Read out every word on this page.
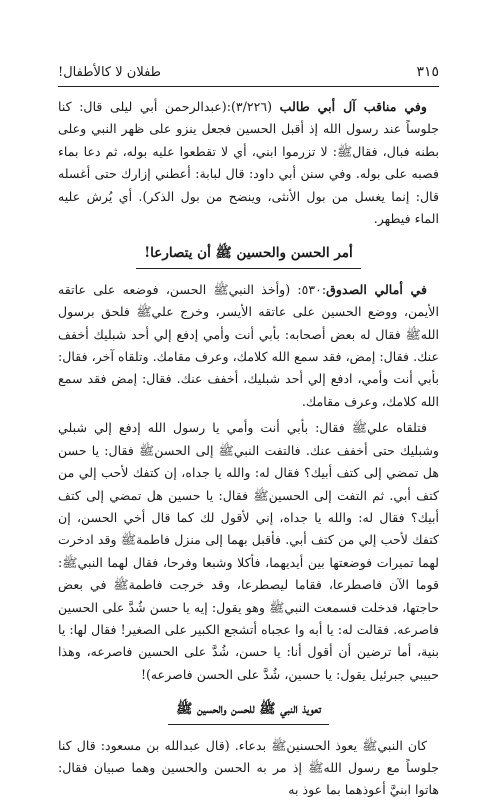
٣١٥
طفلان لا كالأطفال!

وفي مناقب آل أبي طالب (٣/٢٢٦):(عبدالرحمن أبي ليلى قال: كنا جلوساً عند رسول الله إذ أقبل الحسين فجعل ينزو على ظهر النبي وعلى بطنه فبال، فقالﷺ: لا تزرموا ابني، أي لا تقطعوا عليه بوله، ثم دعا بماء فصبه على بوله. وفي سنن أبي داود: قال لبابة: أعطني إزارك حتى أغسله قال: إنما يغسل من بول الأنثى، وينضح من بول الذكر). أي يُرش عليه الماء فيطهر.

أمر الحسن والحسين ﷺ أن يتصارعا!

في أمالي الصدوق:٥٣٠: (وأخذ النبيﷺ الحسن، فوضعه على عاتقه الأيمن، ووضع الحسين على عاتقه الأيسر، وخرج عليﷺ فلحق برسول اللهﷺ فقال له بعض أصحابه: بأبي أنت وأمي إدفع إلي أحد شبليك أخفف عنك. فقال: إمض، فقد سمع الله كلامك، وعرف مقامك. وتلقاه آخر، فقال: بأبي أنت وأمي، ادفع إلي أحد شبليك، أخفف عنك. فقال: إمض فقد سمع الله كلامك، وعرف مقامك.

فتلقاه عليﷺ فقال: بأبي أنت وأمي يا رسول الله إدفع إلي شبلي وشبليك حتى أخفف عنك. فالتفت النبيﷺ إلى الحسنﷺ فقال: يا حسن هل تمضي إلى كتف أبيك؟ فقال له: والله يا جداه، إن كتفك لأحب إلي من كتف أبي. ثم التفت إلى الحسينﷺ فقال: يا حسين هل تمضي إلى كتف أبيك؟ فقال له: والله يا جداه، إني لأقول لك كما قال أخي الحسن، إن كتفك لأحب إلي من كتف أبي. فأقبل بهما إلى منزل فاطمةﷺ وقد ادخرت لهما تميرات فوضعتها بين أيديهما، فأكلا وشبعا وفرحا، فقال لهما النبيﷺ: قوما الآن فاصطرعا، فقاما ليصطرعا، وقد خرجت فاطمةﷺ في بعض حاجتها، فدخلت فسمعت النبيﷺ وهو يقول: إيه يا حسن شُدَّ على الحسين فاصرعه. فقالت له: يا أبه وا عجباه أتشجع الكبير على الصغير! فقال لها: يا بنية، أما ترضين أن أقول أنا: يا حسن، شُدَّ على الحسين فاصرعه، وهذا حبيبي جبرئيل يقول: يا حسين، شُدَّ على الحسن فاصرعه)!

تعويذ النبي ﷺ للحسن والحسين ﷺ

كان النبيﷺ يعوذ الحسنينﷺ بدعاء. (قال عبدالله بن مسعود: قال كنا جلوساً مع رسول اللهﷺ إذ مر به الحسن والحسين وهما صبيان فقال: هاتوا ابنيَّ أعوذهما بما عوذ به
